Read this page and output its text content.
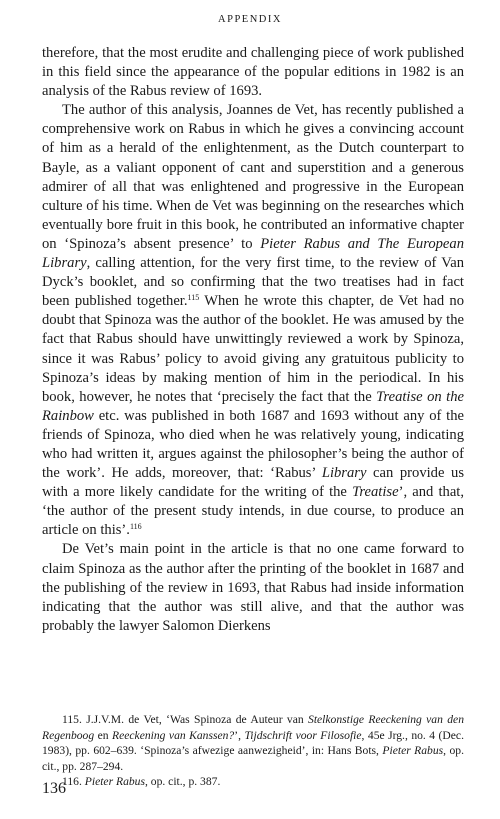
APPENDIX

therefore, that the most erudite and challenging piece of work published in this field since the appearance of the popular editions in 1982 is an analysis of the Rabus review of 1693.

The author of this analysis, Joannes de Vet, has recently published a comprehensive work on Rabus in which he gives a convincing account of him as a herald of the enlightenment, as the Dutch counterpart to Bayle, as a valiant opponent of cant and superstition and a generous admirer of all that was enlightened and progressive in the European culture of his time. When de Vet was beginning on the researches which eventually bore fruit in this book, he contributed an informative chapter on ‘Spinoza’s absent presence’ to Pieter Rabus and The European Library, calling attention, for the very first time, to the review of Van Dyck’s booklet, and so confirming that the two treatises had in fact been published together.$^{115}$ When he wrote this chapter, de Vet had no doubt that Spinoza was the author of the booklet. He was amused by the fact that Rabus should have unwittingly reviewed a work by Spinoza, since it was Rabus’ policy to avoid giving any gratuitous publicity to Spinoza’s ideas by making mention of him in the periodical. In his book, however, he notes that ‘precisely the fact that the Treatise on the Rainbow etc. was published in both 1687 and 1693 without any of the friends of Spinoza, who died when he was relatively young, indicating who had written it, argues against the philosopher’s being the author of the work’. He adds, moreover, that: ‘Rabus’ Library can provide us with a more likely candidate for the writing of the Treatise’, and that, ‘the author of the present study intends, in due course, to produce an article on this’.$^{116}$

De Vet’s main point in the article is that no one came forward to claim Spinoza as the author after the printing of the booklet in 1687 and the publishing of the review in 1693, that Rabus had inside information indicating that the author was still alive, and that the author was probably the lawyer Salomon Dierkens

115. J.J.V.M. de Vet, ‘Was Spinoza de Auteur van Stelkonstige Reeckening van den Regenboog en Reeckening van Kanssen?’, Tijdschrift voor Filosofie, 45e Jrg., no. 4 (Dec. 1983), pp. 602–639. ‘Spinoza’s afwezige aanwezigheid’, in: Hans Bots, Pieter Rabus, op. cit., pp. 287–294.

116. Pieter Rabus, op. cit., p. 387.

136
